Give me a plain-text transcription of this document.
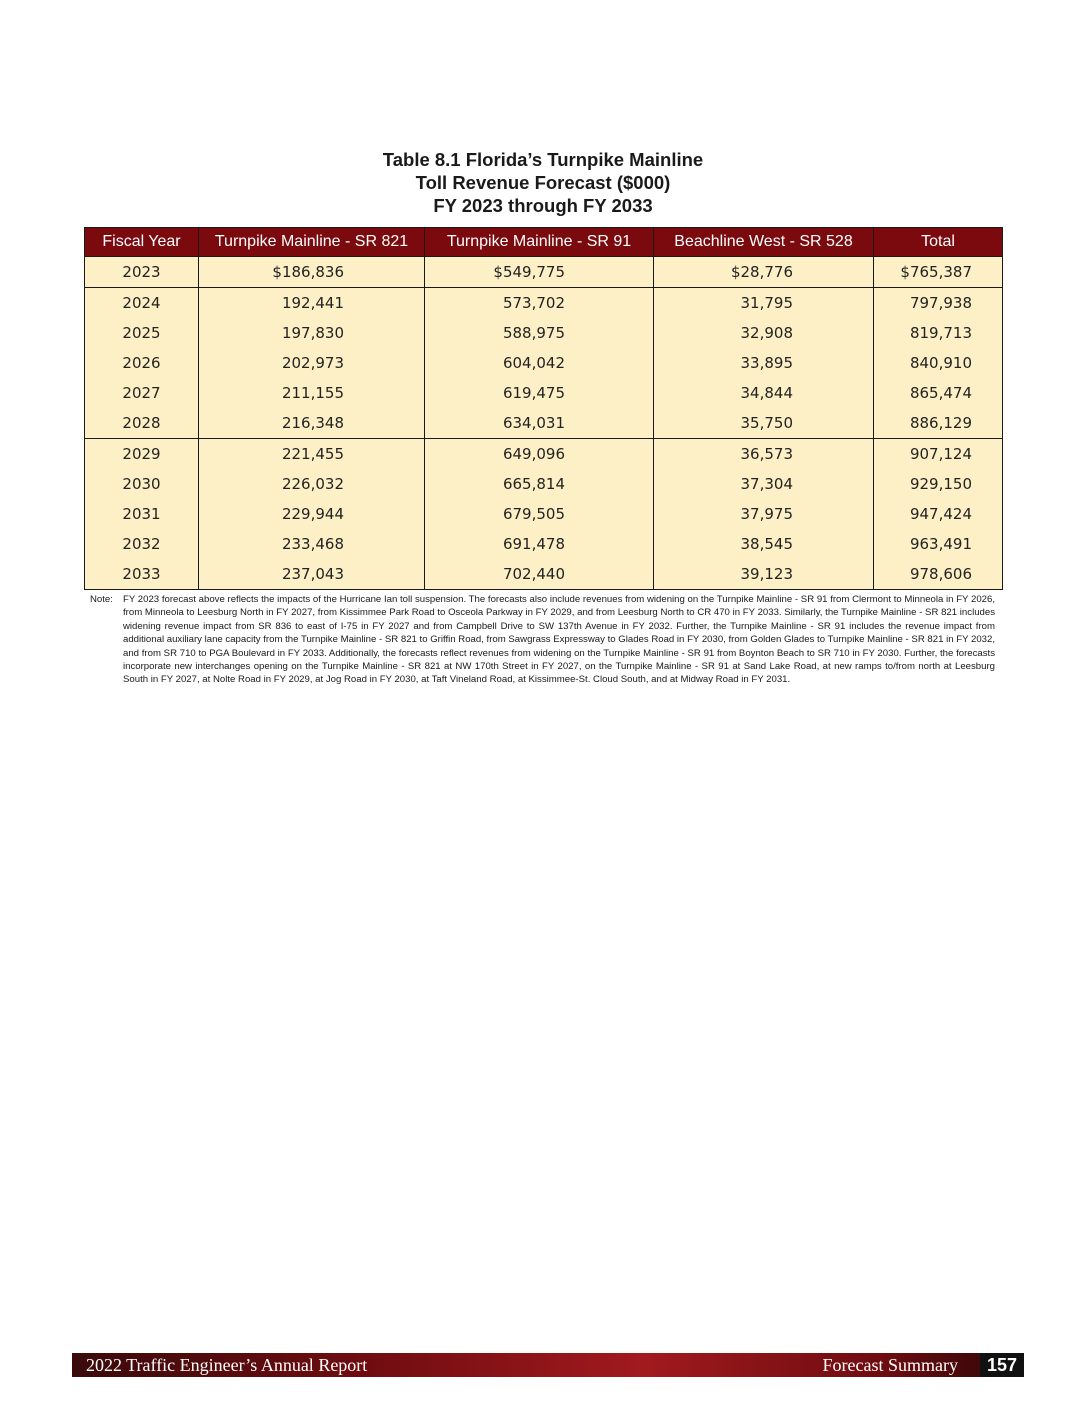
Table 8.1 Florida’s Turnpike Mainline
Toll Revenue Forecast ($000)
FY 2023 through FY 2033
Fiscal Year	Turnpike Mainline - SR 821	Turnpike Mainline - SR 91	Beachline West - SR 528	Total
2023	$186,836	$549,775	$28,776	$765,387
2024	192,441	573,702	31,795	797,938
2025	197,830	588,975	32,908	819,713
2026	202,973	604,042	33,895	840,910
2027	211,155	619,475	34,844	865,474
2028	216,348	634,031	35,750	886,129
2029	221,455	649,096	36,573	907,124
2030	226,032	665,814	37,304	929,150
2031	229,944	679,505	37,975	947,424
2032	233,468	691,478	38,545	963,491
2033	237,043	702,440	39,123	978,606
Note: FY 2023 forecast above reflects the impacts of the Hurricane Ian toll suspension. The forecasts also include revenues from widening on the Turnpike Mainline - SR 91 from Clermont to Minneola in FY 2026, from Minneola to Leesburg North in FY 2027, from Kissimmee Park Road to Osceola Parkway in FY 2029, and from Leesburg North to CR 470 in FY 2033. Similarly, the Turnpike Mainline - SR 821 includes widening revenue impact from SR 836 to east of I-75 in FY 2027 and from Campbell Drive to SW 137th Avenue in FY 2032. Further, the Turnpike Mainline - SR 91 includes the revenue impact from additional auxiliary lane capacity from the Turnpike Mainline - SR 821 to Griffin Road, from Sawgrass Expressway to Glades Road in FY 2030, from Golden Glades to Turnpike Mainline - SR 821 in FY 2032, and from SR 710 to PGA Boulevard in FY 2033. Additionally, the forecasts reflect revenues from widening on the Turnpike Mainline - SR 91 from Boynton Beach to SR 710 in FY 2030. Further, the forecasts incorporate new interchanges opening on the Turnpike Mainline - SR 821 at NW 170th Street in FY 2027, on the Turnpike Mainline - SR 91 at Sand Lake Road, at new ramps to/from north at Leesburg South in FY 2027, at Nolte Road in FY 2029, at Jog Road in FY 2030, at Taft Vineland Road, at Kissimmee-St. Cloud South, and at Midway Road in FY 2031.
2022 Traffic Engineer’s Annual Report	Forecast Summary	157
